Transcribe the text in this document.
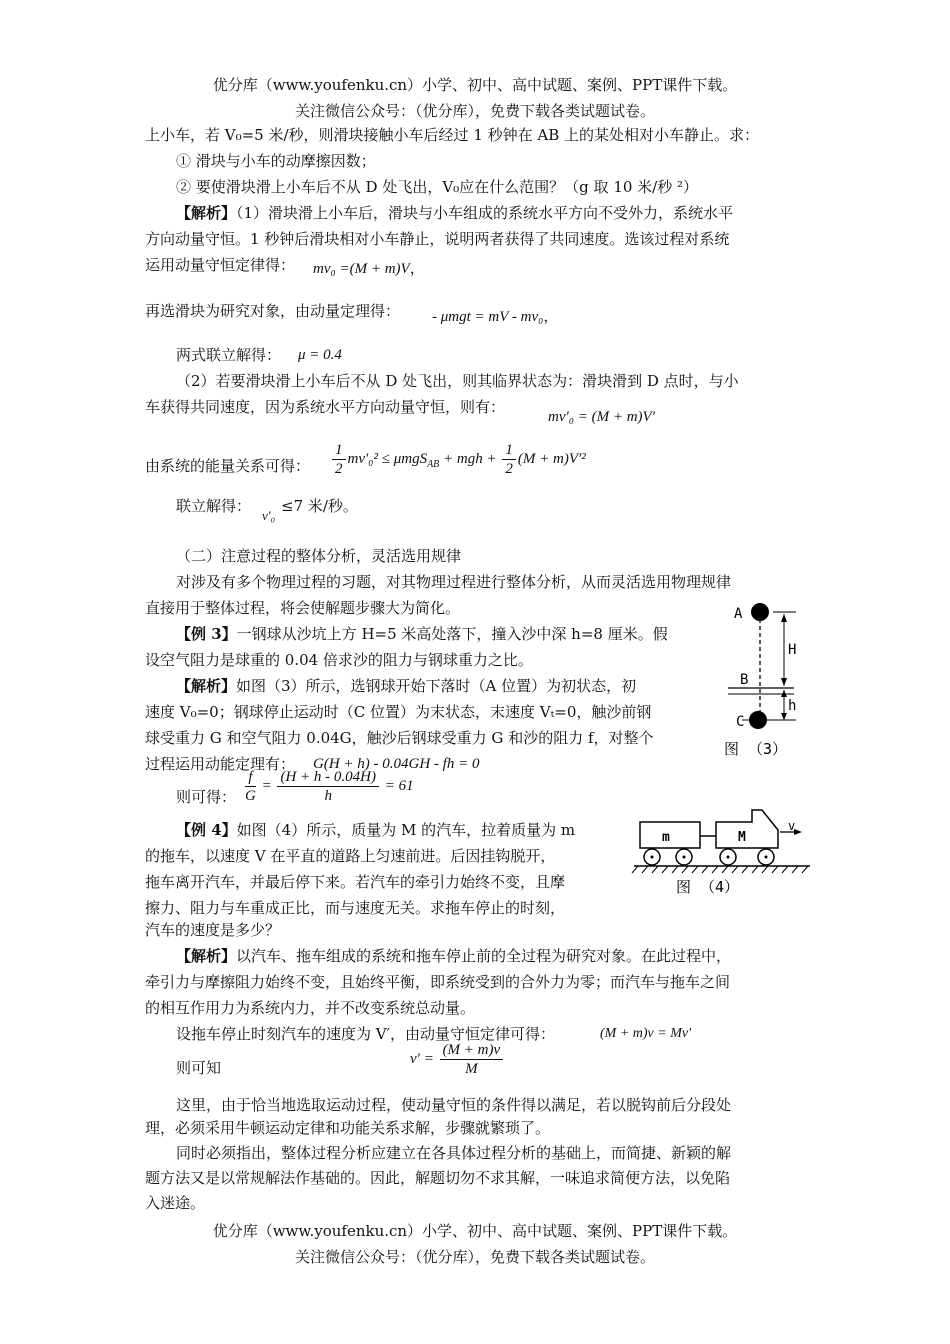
优分库（www.youfenku.cn）小学、初中、高中试题、案例、PPT课件下载。
关注微信公众号：（优分库），免费下载各类试题试卷。
上小车，若 V₀=5 米/秒，则滑块接触小车后经过 1 秒钟在 AB 上的某处相对小车静止。求：
① 滑块与小车的动摩擦因数；
② 要使滑块滑上小车后不从 D 处飞出，V₀应在什么范围？（g 取 10 米/秒 ²）
【解析】（1）滑块滑上小车后，滑块与小车组成的系统水平方向不受外力，系统水平
方向动量守恒。1 秒钟后滑块相对小车静止，说明两者获得了共同速度。选该过程对系统
运用动量守恒定律得： mv₀ =(M + m)V，
再选滑块为研究对象，由动量定理得： - μmgt = mV - mv₀，
两式联立解得： μ = 0.4
（2）若要滑块滑上小车后不从 D 处飞出，则其临界状态为：滑块滑到 D 点时，与小
车获得共同速度，因为系统水平方向动量守恒，则有：
mv′₀ = (M + m)V′
由系统的能量关系可得： $\frac{1}{2} mv'_0^2 \le \mu mgS_{AB}$ + mgh + $\frac{1}{2} (M + m)V'^2$
联立解得：
v′₀
≤7 米/秒。
（二）注意过程的整体分析，灵活选用规律
对涉及有多个物理过程的习题，对其物理过程进行整体分析，从而灵活选用物理规律
直接用于整体过程，将会使解题步骤大为简化。
【例 3】一钢球从沙坑上方 H=5 米高处落下，撞入沙中深 h=8 厘米。假
设空气阻力是球重的 0.04 倍求沙的阻力与钢球重力之比。
【解析】如图（3）所示，选钢球开始下落时（A 位置）为初状态，初
速度 V₀=0；钢球停止运动时（C 位置）为末状态，末速度 Vₜ=0，触沙前钢
球受重力 G 和空气阻力 0.04G，触沙后钢球受重力 G 和沙的阻力 f，对整个
过程运用动能定理有： G(H + h) - 0.04GH - fh = 0
则可得： $\frac{f}{G} = \frac{(H + h - 0.04H)}{h} = 61$
【例 4】如图（4）所示，质量为 M 的汽车，拉着质量为 m
的拖车，以速度 V 在平直的道路上匀速前进。后因挂钩脱开，
拖车离开汽车，并最后停下来。若汽车的牵引力始终不变，且摩
擦力、阻力与车重成正比，而与速度无关。求拖车停止的时刻，
汽车的速度是多少？
【解析】以汽车、拖车组成的系统和拖车停止前的全过程为研究对象。在此过程中，
牵引力与摩擦阻力始终不变，且始终平衡，即系统受到的合外力为零；而汽车与拖车之间
的相互作用力为系统内力，并不改变系统总动量。
设拖车停止时刻汽车的速度为 V′，由动量守恒定律可得：	(M + m)v = Mv′
则可知
$v' = \frac{(M + m)v}{M}$
这里，由于恰当地选取运动过程，使动量守恒的条件得以满足，若以脱钩前后分段处
理，必须采用牛顿运动定律和功能关系求解，步骤就繁琐了。
同时必须指出，整体过程分析应建立在各具体过程分析的基础上，而简捷、新颖的解
题方法又是以常规解法作基础的。因此，解题切勿不求其解，一味追求简便方法，以免陷
入迷途。
优分库（www.youfenku.cn）小学、初中、高中试题、案例、PPT课件下载。
关注微信公众号：（优分库），免费下载各类试题试卷。
A
H
B
h
C
图 （3）
m	M
v
图 （4）
